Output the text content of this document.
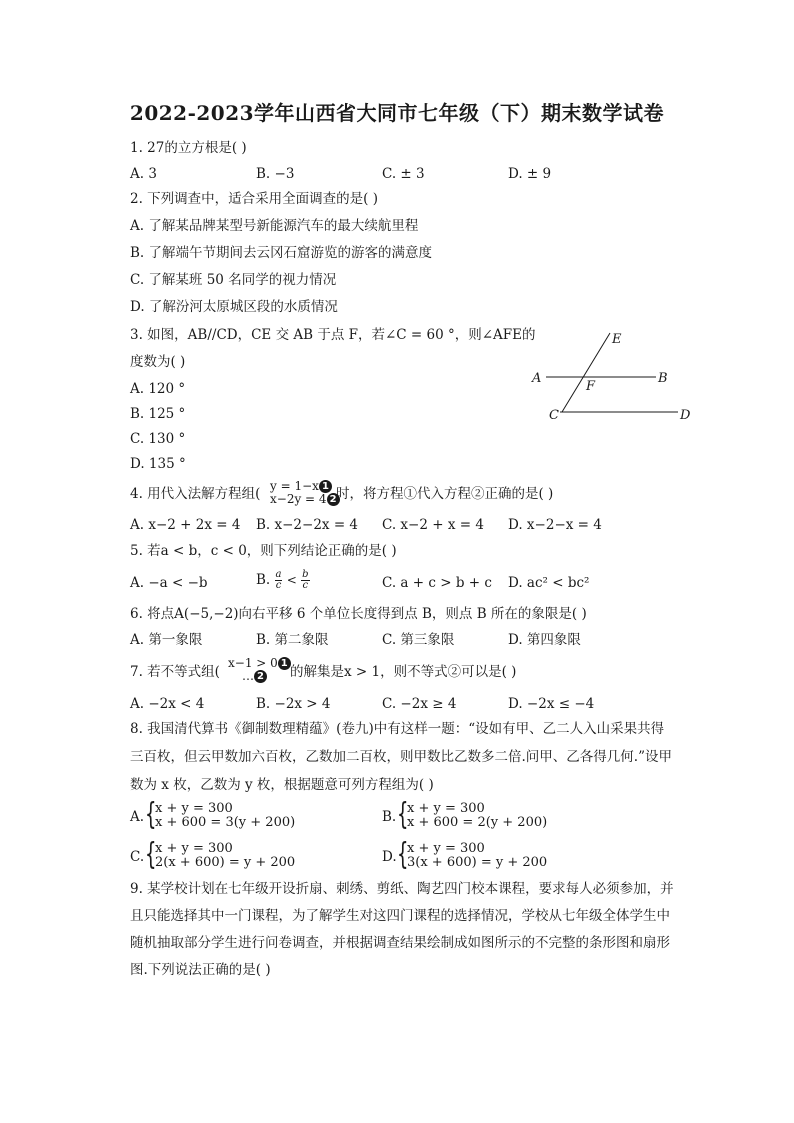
2022-2023学年山西省大同市七年级（下）期末数学试卷
1. 27的立方根是( )
A. 3	B. −3	C. ± 3	D. ± 9
2. 下列调查中，适合采用全面调查的是( )
A. 了解某品牌某型号新能源汽车的最大续航里程
B. 了解端午节期间去云冈石窟游览的游客的满意度
C. 了解某班 50 名同学的视力情况
D. 了解汾河太原城区段的水质情况
3. 如图，AB//CD，CE 交 AB 于点 F，若∠C = 60 °，则∠AFE的
度数为( )
A. 120 °
B. 125 °
C. 130 °
D. 135 °
E
A
F
B
C	D
4. 用代入法解方程组( y = 1−x 1
x−2y = 4 2 时，将方程①代入方程②正确的是( )
A. x−2 + 2x = 4 B. x−2−2x = 4 C. x−2 + x = 4 D. x−2−x = 4
5. 若a < b，c < 0，则下列结论正确的是( )
A. −a < −b	B. $\frac{a}{c} < \frac{b}{c}$	C. a + c > b + c D. ac² < bc²
6. 将点A(−5,−2)向右平移 6 个单位长度得到点 B，则点 B 所在的象限是( )
A. 第一象限	B. 第二象限	C. 第三象限	D. 第四象限
7. 若不等式组(
x−1 > 0 1
… 2	的解集是x > 1，则不等式②可以是( )
A. −2x < 4	B. −2x > 4	C. −2x ≥ 4	D. −2x ≤ −4
8. 我国清代算书《御制数理精蕴》(卷九)中有这样一题：“设如有甲、乙二人入山采果共得
三百枚，但云甲数加六百枚，乙数加二百枚，则甲数比乙数多二倍.问甲、乙各得几何.”设甲
数为 x 枚，乙数为 y 枚，根据题意可列方程组为( )
A. {
x + y = 300
x + 600 = 3(y + 200)	B. {
x + y = 300
x + 600 = 2(y + 200)
C. {
x + y = 300
2(x + 600) = y + 200	D. {
x + y = 300
3(x + 600) = y + 200
9. 某学校计划在七年级开设折扇、刺绣、剪纸、陶艺四门校本课程，要求每人必须参加，并
且只能选择其中一门课程，为了解学生对这四门课程的选择情况，学校从七年级全体学生中
随机抽取部分学生进行问卷调查，并根据调查结果绘制成如图所示的不完整的条形图和扇形
图.下列说法正确的是( )
